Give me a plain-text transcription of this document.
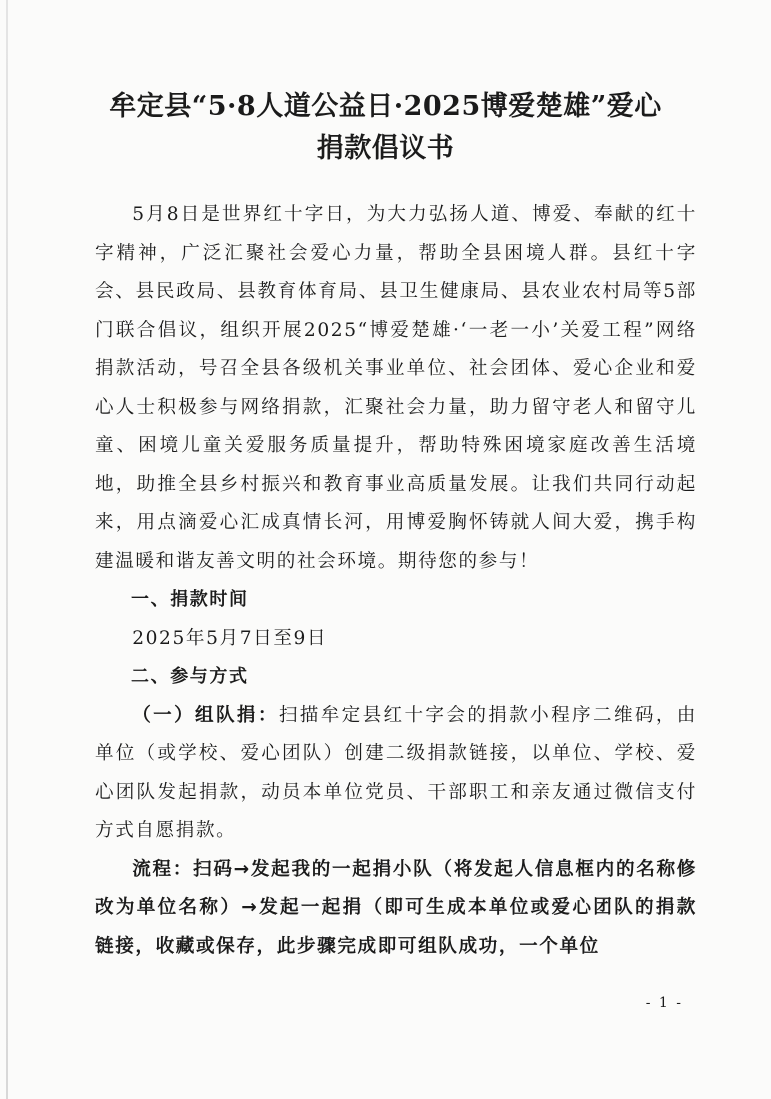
牟定县“5·8人道公益日·2025博爱楚雄”爱心
捐款倡议书

5月8日是世界红十字日，为大力弘扬人道、博爱、奉献的红十字精神，广泛汇聚社会爱心力量，帮助全县困境人群。县红十字会、县民政局、县教育体育局、县卫生健康局、县农业农村局等5部门联合倡议，组织开展2025“博爱楚雄·‘一老一小’关爱工程”网络捐款活动，号召全县各级机关事业单位、社会团体、爱心企业和爱心人士积极参与网络捐款，汇聚社会力量，助力留守老人和留守儿童、困境儿童关爱服务质量提升，帮助特殊困境家庭改善生活境地，助推全县乡村振兴和教育事业高质量发展。让我们共同行动起来，用点滴爱心汇成真情长河，用博爱胸怀铸就人间大爱，携手构建温暖和谐友善文明的社会环境。期待您的参与！

一、捐款时间

2025年5月7日至9日

二、参与方式

（一）组队捐：扫描牟定县红十字会的捐款小程序二维码，由单位（或学校、爱心团队）创建二级捐款链接，以单位、学校、爱心团队发起捐款，动员本单位党员、干部职工和亲友通过微信支付方式自愿捐款。

流程：扫码→发起我的一起捐小队（将发起人信息框内的名称修改为单位名称）→发起一起捐（即可生成本单位或爱心团队的捐款链接，收藏或保存，此步骤完成即可组队成功，一个单位

- 1 -
